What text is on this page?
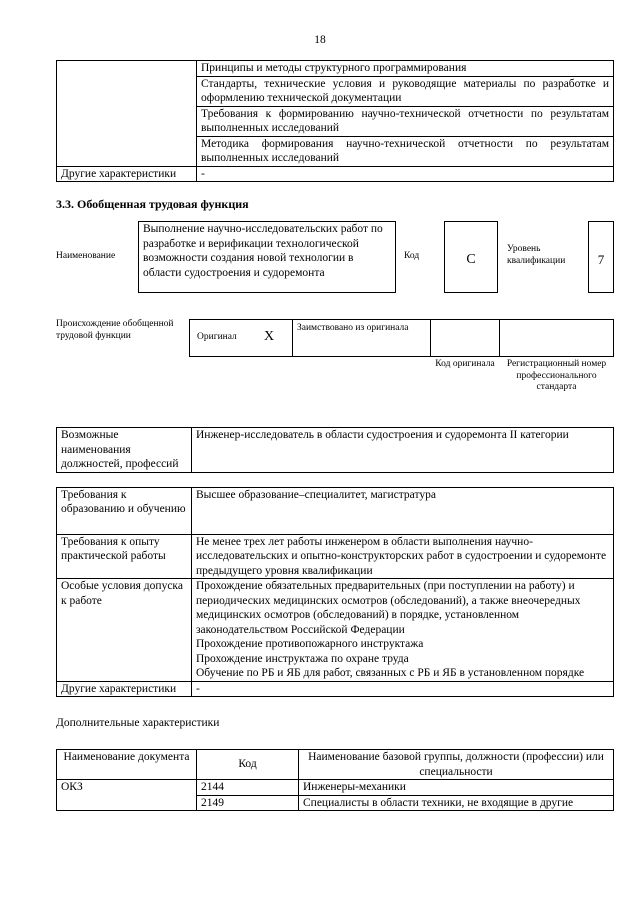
18
	Принципы и методы структурного программирования
	Стандарты, технические условия и руководящие материалы по разработке и оформлению технической документации
	Требования к формированию научно-технической отчетности по результатам выполненных исследований
	Методика формирования научно-технической отчетности по результатам выполненных исследований
Другие характеристики	-
3.3. Обобщенная трудовая функция
Наименование
Выполнение научно-исследовательских работ по разработке и верификации технологической возможности создания новой технологии в области судостроения и судоремонта
Код	C
Уровень квалификации	7
Происхождение обобщенной трудовой функции	Оригинал X
Заимствовано из оригинала
Код оригинала	Регистрационный номер профессионального стандарта
Возможные наименования должностей, профессий	Инженер-исследователь в области судостроения и судоремонта II категории
Требования к образованию и обучению	Высшее образование–специалитет, магистратура
Требования к опыту практической работы	Не менее трех лет работы инженером в области выполнения научно-исследовательских и опытно-конструкторских работ в судостроении и судоремонте предыдущего уровня квалификации
Особые условия допуска к работе	Прохождение обязательных предварительных (при поступлении на работу) и периодических медицинских осмотров (обследований), а также внеочередных медицинских осмотров (обследований) в порядке, установленном законодательством Российской Федерации
Прохождение противопожарного инструктажа
Прохождение инструктажа по охране труда
Обучение по РБ и ЯБ для работ, связанных с РБ и ЯБ в установленном порядке

Другие характеристики	-
Дополнительные характеристики
Наименование документа	Код	Наименование базовой группы, должности (профессии) или специальности
ОКЗ	2144	Инженеры-механики
	2149	Специалисты в области техники, не входящие в другие
